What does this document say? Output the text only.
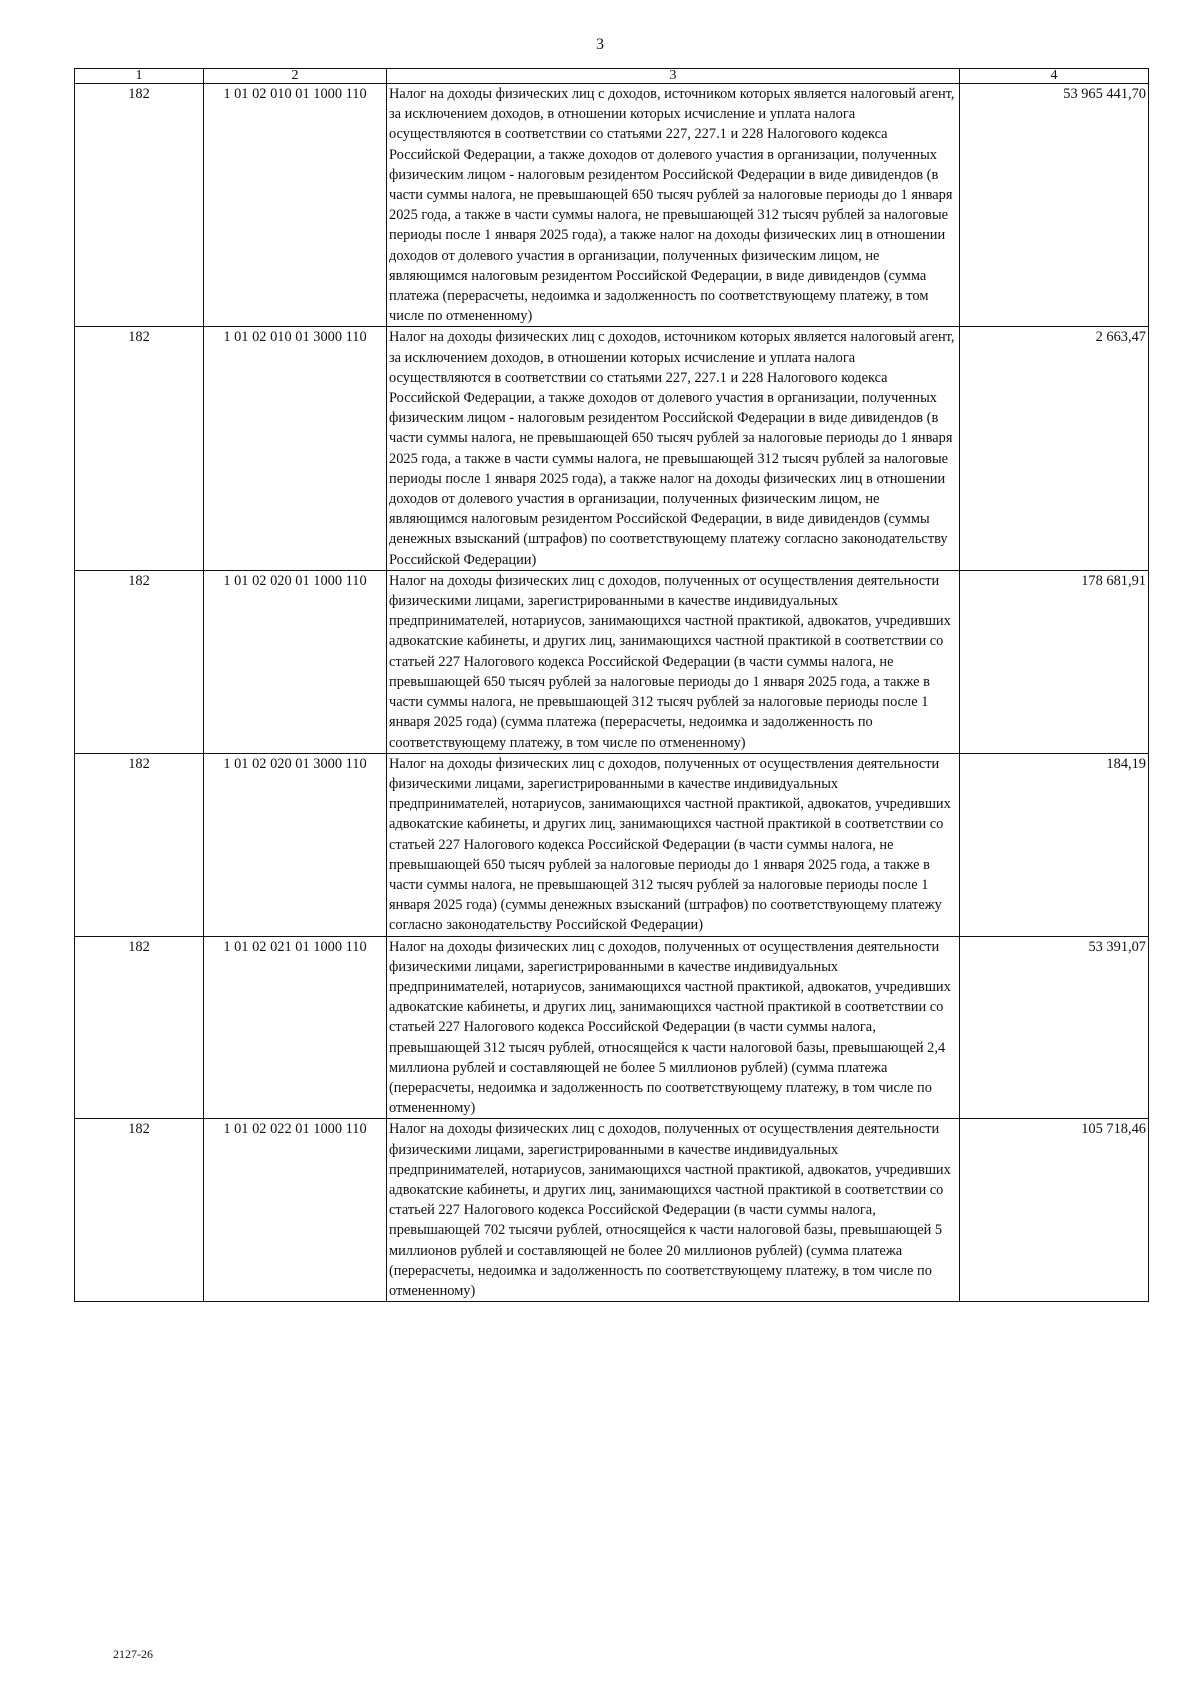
3
1	2	3	4
182	1 01 02 010 01 1000 110	Налог на доходы физических лиц с доходов, источником которых является налоговый агент, за исключением доходов, в отношении которых исчисление и уплата налога осуществляются в соответствии со статьями 227, 227.1 и 228 Налогового кодекса Российской Федерации, а также доходов от долевого участия в организации, полученных физическим лицом - налоговым резидентом Российской Федерации в виде дивидендов (в части суммы налога, не превышающей 650 тысяч рублей за налоговые периоды до 1 января 2025 года, а также в части суммы налога, не превышающей 312 тысяч рублей за налоговые периоды после 1 января 2025 года), а также налог на доходы физических лиц в отношении доходов от долевого участия в организации, полученных физическим лицом, не являющимся налоговым резидентом Российской Федерации, в виде дивидендов (сумма платежа (перерасчеты, недоимка и задолженность по соответствующему платежу, в том числе по отмененному)	53 965 441,70
182	1 01 02 010 01 3000 110	Налог на доходы физических лиц с доходов, источником которых является налоговый агент, за исключением доходов, в отношении которых исчисление и уплата налога осуществляются в соответствии со статьями 227, 227.1 и 228 Налогового кодекса Российской Федерации, а также доходов от долевого участия в организации, полученных физическим лицом - налоговым резидентом Российской Федерации в виде дивидендов (в части суммы налога, не превышающей 650 тысяч рублей за налоговые периоды до 1 января 2025 года, а также в части суммы налога, не превышающей 312 тысяч рублей за налоговые периоды после 1 января 2025 года), а также налог на доходы физических лиц в отношении доходов от долевого участия в организации, полученных физическим лицом, не являющимся налоговым резидентом Российской Федерации, в виде дивидендов (суммы денежных взысканий (штрафов) по соответствующему платежу согласно законодательству Российской Федерации)	2 663,47
182	1 01 02 020 01 1000 110	Налог на доходы физических лиц с доходов, полученных от осуществления деятельности физическими лицами, зарегистрированными в качестве индивидуальных предпринимателей, нотариусов, занимающихся частной практикой, адвокатов, учредивших адвокатские кабинеты, и других лиц, занимающихся частной практикой в соответствии со статьей 227 Налогового кодекса Российской Федерации (в части суммы налога, не превышающей 650 тысяч рублей за налоговые периоды до 1 января 2025 года, а также в части суммы налога, не превышающей 312 тысяч рублей за налоговые периоды после 1 января 2025 года) (сумма платежа (перерасчеты, недоимка и задолженность по соответствующему платежу, в том числе по отмененному)	178 681,91
182	1 01 02 020 01 3000 110	Налог на доходы физических лиц с доходов, полученных от осуществления деятельности физическими лицами, зарегистрированными в качестве индивидуальных предпринимателей, нотариусов, занимающихся частной практикой, адвокатов, учредивших адвокатские кабинеты, и других лиц, занимающихся частной практикой в соответствии со статьей 227 Налогового кодекса Российской Федерации (в части суммы налога, не превышающей 650 тысяч рублей за налоговые периоды до 1 января 2025 года, а также в части суммы налога, не превышающей 312 тысяч рублей за налоговые периоды после 1 января 2025 года) (суммы денежных взысканий (штрафов) по соответствующему платежу согласно законодательству Российской Федерации)	184,19
182	1 01 02 021 01 1000 110	Налог на доходы физических лиц с доходов, полученных от осуществления деятельности физическими лицами, зарегистрированными в качестве индивидуальных предпринимателей, нотариусов, занимающихся частной практикой, адвокатов, учредивших адвокатские кабинеты, и других лиц, занимающихся частной практикой в соответствии со статьей 227 Налогового кодекса Российской Федерации (в части суммы налога, превышающей 312 тысяч рублей, относящейся к части налоговой базы, превышающей 2,4 миллиона рублей и составляющей не более 5 миллионов рублей) (сумма платежа (перерасчеты, недоимка и задолженность по соответствующему платежу, в том числе по отмененному)	53 391,07
182	1 01 02 022 01 1000 110	Налог на доходы физических лиц с доходов, полученных от осуществления деятельности физическими лицами, зарегистрированными в качестве индивидуальных предпринимателей, нотариусов, занимающихся частной практикой, адвокатов, учредивших адвокатские кабинеты, и других лиц, занимающихся частной практикой в соответствии со статьей 227 Налогового кодекса Российской Федерации (в части суммы налога, превышающей 702 тысячи рублей, относящейся к части налоговой базы, превышающей 5 миллионов рублей и составляющей не более 20 миллионов рублей) (сумма платежа (перерасчеты, недоимка и задолженность по соответствующему платежу, в том числе по отмененному)	105 718,46
2127-26
